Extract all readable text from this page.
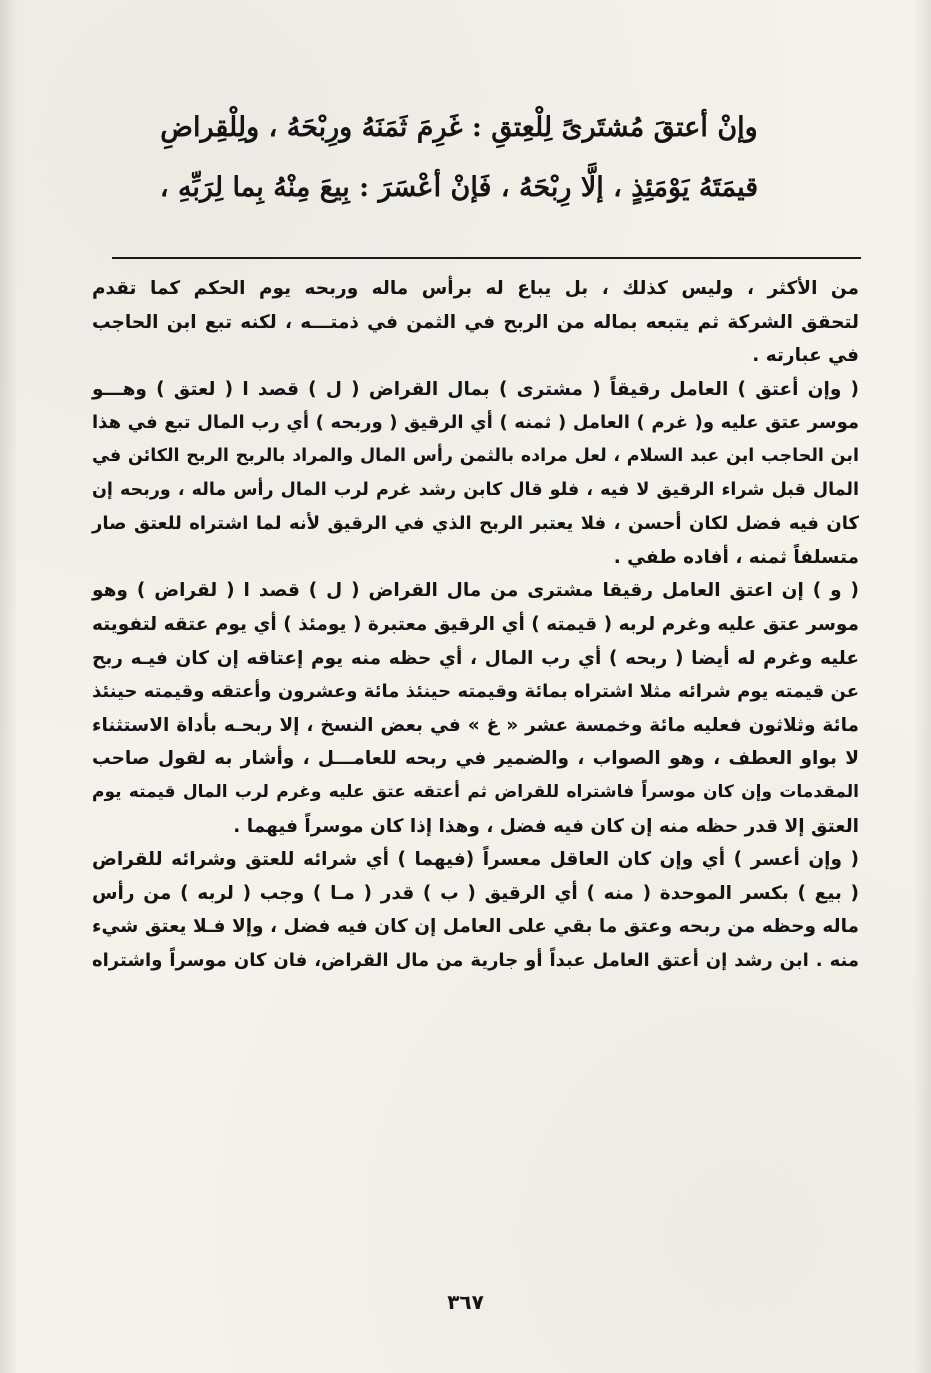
وإنْ أعتقَ مُشتَرىً لِلْعِتقِ : غَرِمَ ثَمَنَهُ ورِبْحَهُ ، ولِلْقِراضِ
قيمَتَهُ يَوْمَئِذٍ ، إلَّا رِبْحَهُ ، فَإنْ أعْسَرَ : بِيعَ مِنْهُ بِما لِرَبِّهِ ،
من الأكثر ، وليس كذلك ، بل يباع له برأس ماله وربحه يوم الحكم كما تقدم
لتحقق الشركة ثم يتبعه بماله من الربح في الثمن في ذمتـــه ، لكنه تبع ابن الحاجب
في عبارته .
( وإن أعتق ) العامل رقيقاً ( مشترى ) بمال القراض ( ل ) قصد ا ( لعتق ) وهـــو
موسر عتق عليه و( غرم ) العامل ( ثمنه ) أي الرقيق ( وربحه ) أي رب المال تبع في هذا
ابن الحاجب ابن عبد السلام ، لعل مراده بالثمن رأس المال والمراد بالربح الربح الكائن في
المال قبل شراء الرقيق لا فيه ، فلو قال كابن رشد غرم لرب المال رأس ماله ، وربحه إن
كان فيه فضل لكان أحسن ، فلا يعتبر الربح الذي في الرقيق لأنه لما اشتراه للعتق صار
متسلفاً ثمنه ، أفاده طفي .
( و ) إن اعتق العامل رقيقا مشترى من مال القراض ( ل ) قصد ا ( لقراض ) وهو
موسر عتق عليه وغرم لربه ( قيمته ) أي الرقيق معتبرة ( يومئذ ) أي يوم عتقه لتفويته
عليه وغرم له أيضا ( ربحه ) أي رب المال ، أي حظه منه يوم إعتاقه إن كان فيـه ربح
عن قيمته يوم شرائه مثلا اشتراه بمائة وقيمته حينئذ مائة وعشرون وأعتقه وقيمته حينئذ
مائة وثلاثون فعليه مائة وخمسة عشر « غ » في بعض النسخ ، إلا ربحـه بأداة الاستثناء
لا بواو العطف ، وهو الصواب ، والضمير في ربحه للعامـــل ، وأشار به لقول صاحب
المقدمات وإن كان موسراً فاشتراه للقراض ثم أعتقه عتق عليه وغرم لرب المال قيمته يوم
العتق إلا قدر حظه منه إن كان فيه فضل ، وهذا إذا كان موسراً فيهما .
( وإن أعسر ) أي وإن كان العاقل معسراً (فيهما ) أي شرائه للعتق وشرائه للقراض
( بيع ) بكسر الموحدة ( منه ) أي الرقيق ( ب ) قدر ( مـا ) وجب ( لربه ) من رأس
ماله وحظه من ربحه وعتق ما بقي على العامل إن كان فيه فضل ، وإلا فـلا يعتق شيء
منه . ابن رشد إن أعتق العامل عبداً أو جارية من مال القراض، فان كان موسراً واشتراه
٣٦٧
